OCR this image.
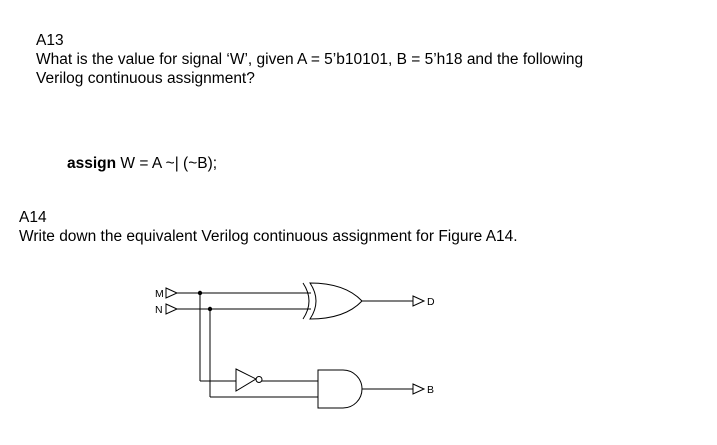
A13
What is the value for signal ‘W’, given A = 5’b10101, B = 5’h18 and the following
Verilog continuous assignment?
assign W = A ~| (~B);
A14
Write down the equivalent Verilog continuous assignment for Figure A14.
M
N
D
B
